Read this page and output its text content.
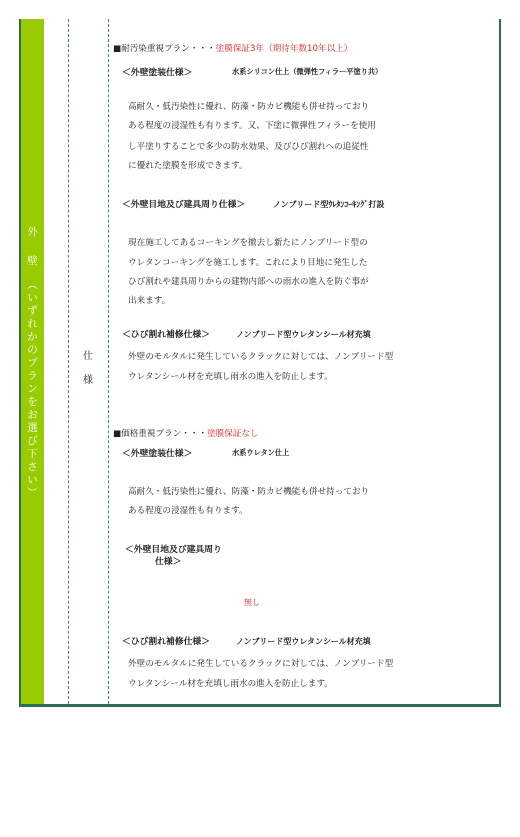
外
壁
︵
い
ず
れ
か
の
プ
ラ
ン
を
お
選
び
下
さ
い
︶
仕
様
■耐汚染重視プラン・・・塗膜保証3年（期待年数10年以上）
＜外壁塗装仕様＞	水系シリコン仕上（微弾性フィラー平塗り共）
高耐久・低汚染性に優れ、防藻・防カビ機能も併せ持っており
ある程度の浸湿性も有ります。又、下塗に微弾性フィラーを使用
し平塗りすることで多少の防水効果、及びひび割れへの追従性
に優れた塗膜を形成できます。
＜外壁目地及び建具周り仕様＞	ノンブリード型ｳﾚﾀﾝｺｰｷﾝｸﾞ打設
現在施工してあるコーキングを撤去し新たにノンブリード型の
ウレタンコーキングを施工します。これにより目地に発生した
ひび割れや建具周りからの建物内部への雨水の進入を防ぐ事が
出来ます。
＜ひび割れ補修仕様＞	ノンブリード型ウレタンシール材充填
外壁のモルタルに発生しているクラックに対しては、ノンブリード型
ウレタンシール材を充填し雨水の進入を防止します。
■価格重視プラン・・・塗膜保証なし
＜外壁塗装仕様＞	水系ウレタン仕上
高耐久・低汚染性に優れ、防藻・防カビ機能も併せ持っており
ある程度の浸湿性も有ります。
＜外壁目地及び建具周り
仕様＞
無し
＜ひび割れ補修仕様＞	ノンブリード型ウレタンシール材充填
外壁のモルタルに発生しているクラックに対しては、ノンブリード型
ウレタンシール材を充填し雨水の進入を防止します。
